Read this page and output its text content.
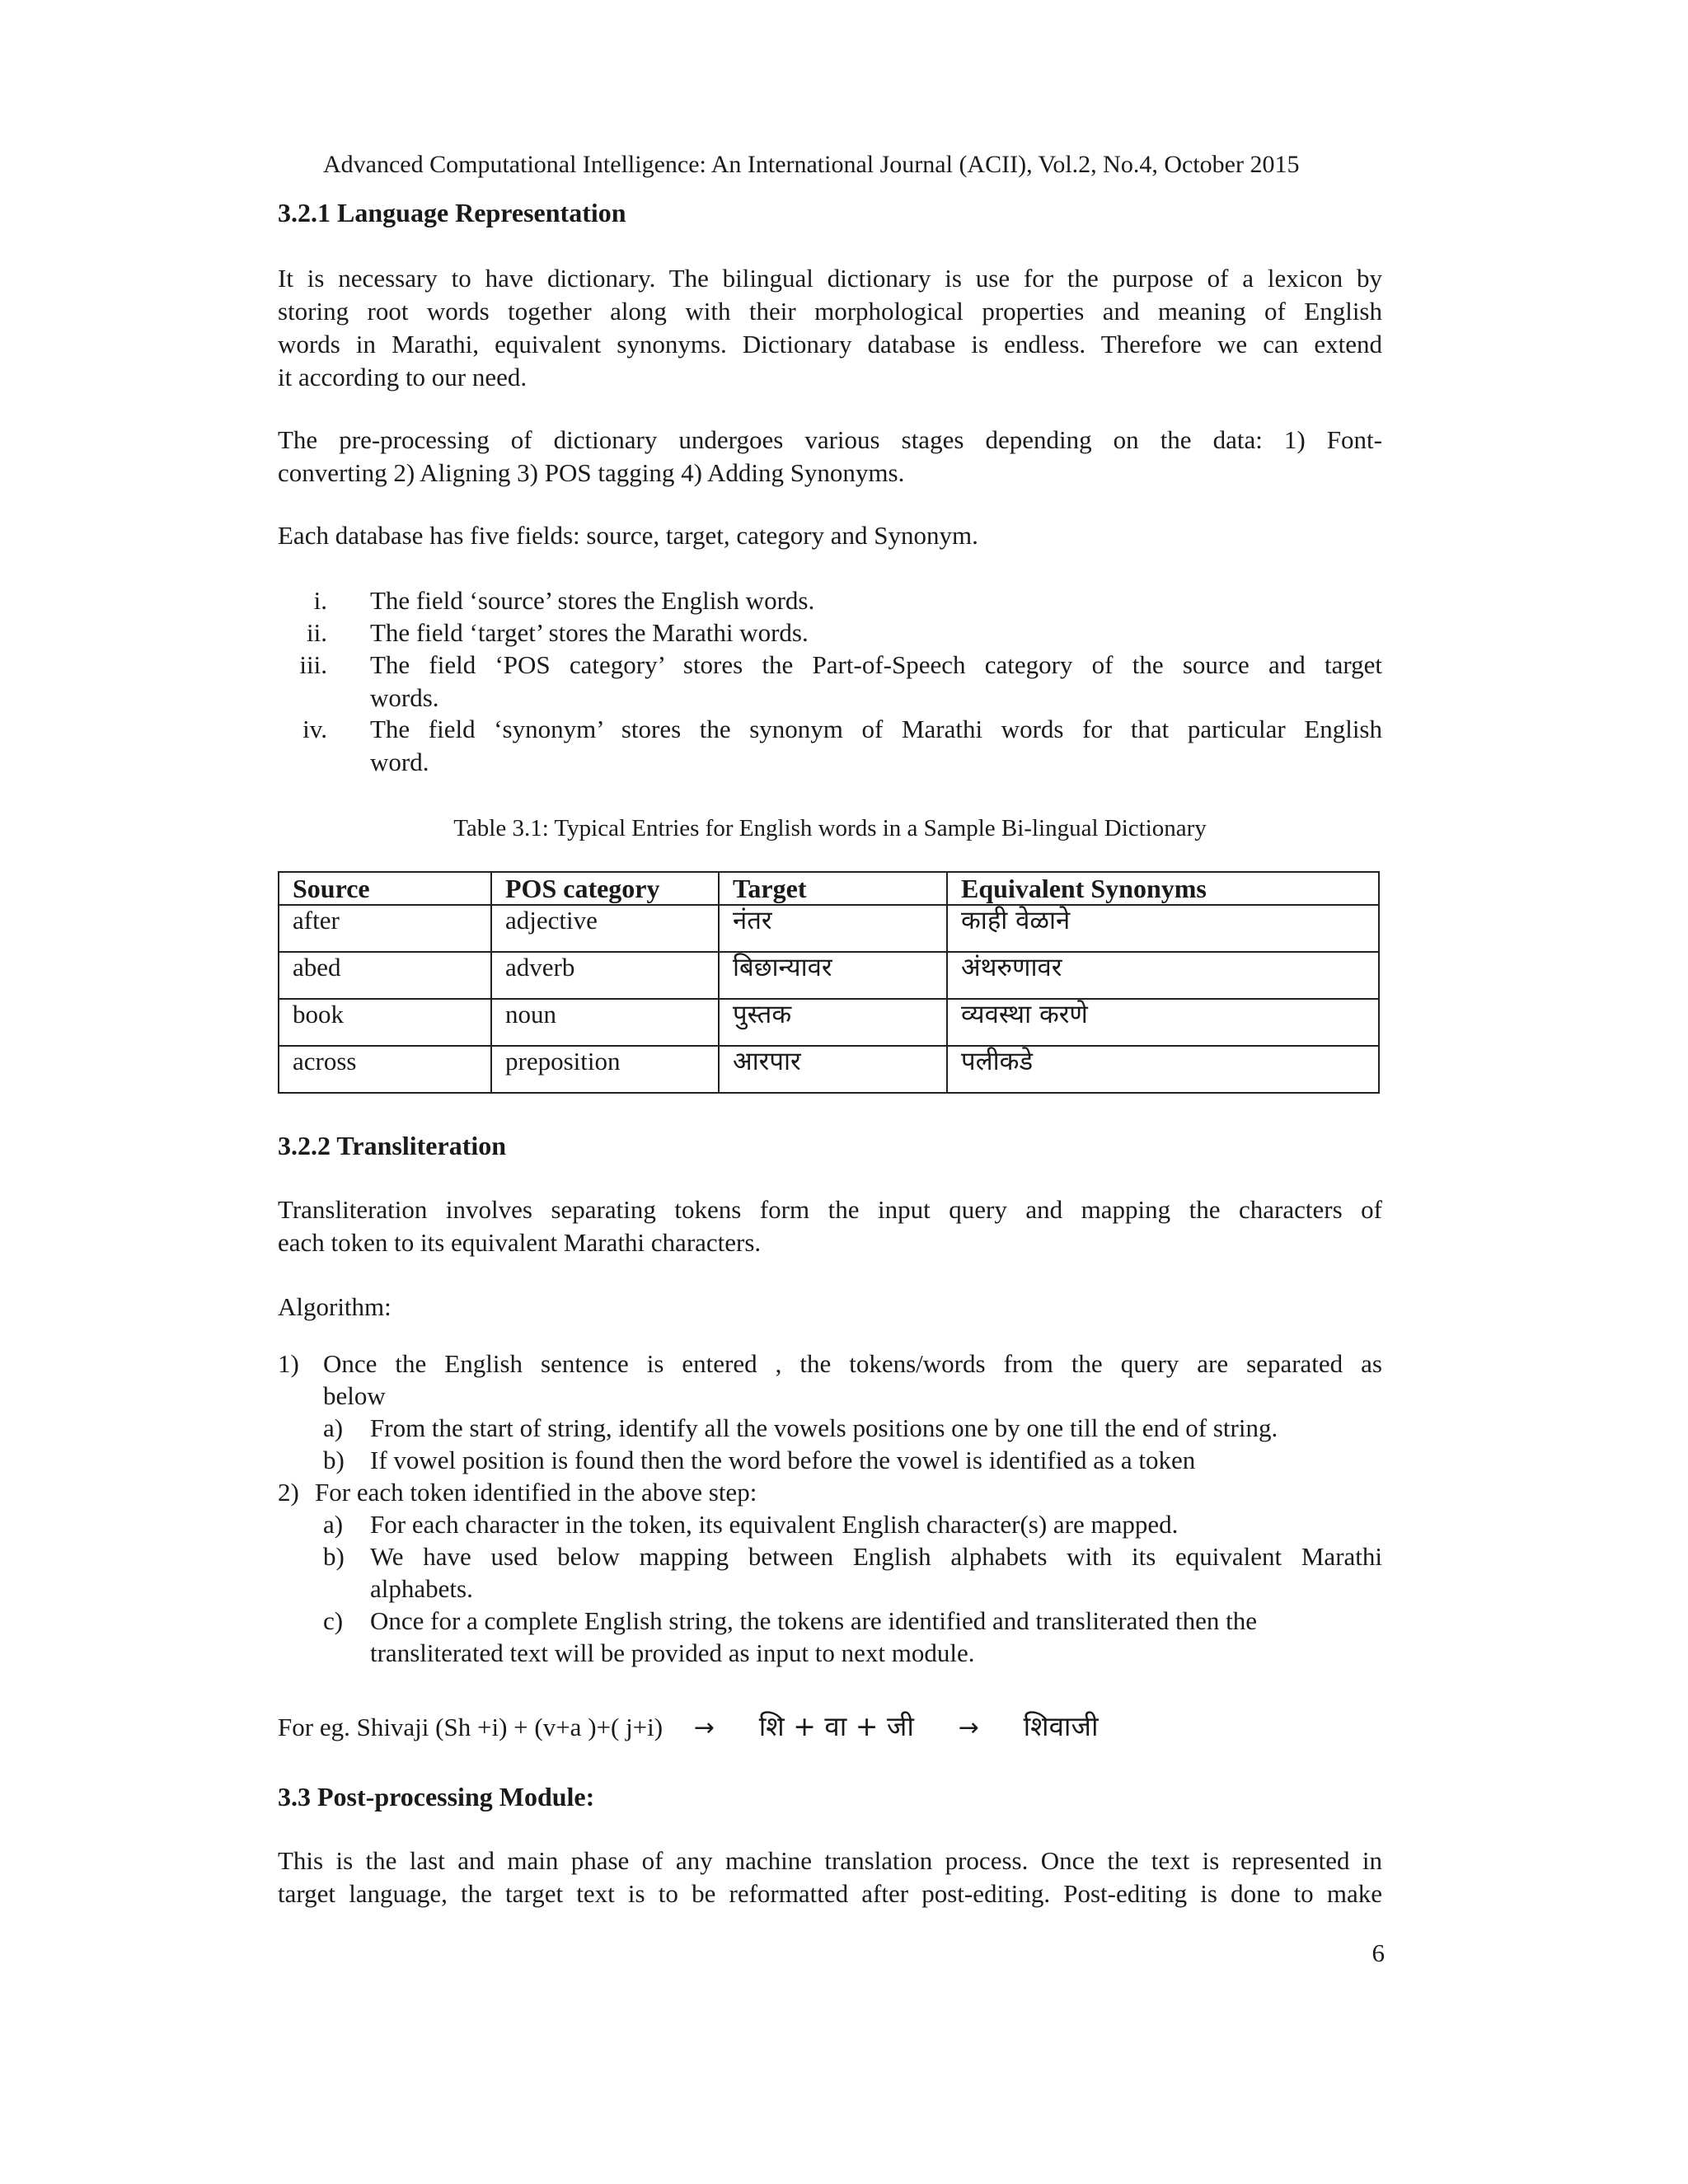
Advanced Computational Intelligence: An International Journal (ACII), Vol.2, No.4, October 2015
3.2.1 Language Representation
It is necessary to have dictionary. The bilingual dictionary is use for the purpose of a lexicon by
storing root words together along with their morphological properties and meaning of English
words in Marathi, equivalent synonyms. Dictionary database is endless. Therefore we can extend
it according to our need.
The pre-processing of dictionary undergoes various stages depending on the data: 1) Font-
converting 2) Aligning 3) POS tagging 4) Adding Synonyms.
Each database has five fields: source, target, category and Synonym.
i. The field ‘source’ stores the English words.
ii. The field ‘target’ stores the Marathi words.
iii. The field ‘POS category’ stores the Part-of-Speech category of the source and target
words.
iv. The field ‘synonym’ stores the synonym of Marathi words for that particular English
word.
Table 3.1: Typical Entries for English words in a Sample Bi-lingual Dictionary
Source	POS category	Target	Equivalent Synonyms
after	adjective	नंतर	काही वेळाने
abed	adverb	बिछान्यावर	अंथरुणावर
book	noun	पुस्तक	व्यवस्था करणे
across	preposition	आरपार	पलीकडे
3.2.2 Transliteration
Transliteration involves separating tokens form the input query and mapping the characters of
each token to its equivalent Marathi characters.
Algorithm:
1) Once the English sentence is entered , the tokens/words from the query are separated as
below
a) From the start of string, identify all the vowels positions one by one till the end of string.
b) If vowel position is found then the word before the vowel is identified as a token
2) For each token identified in the above step:
a) For each character in the token, its equivalent English character(s) are mapped.
b) We have used below mapping between English alphabets with its equivalent Marathi
alphabets.
c) Once for a complete English string, the tokens are identified and transliterated then the
transliterated text will be provided as input to next module.
For eg. Shivaji (Sh +i) + (v+a )+( j+i) → शि + वा + जी → शिवाजी
3.3 Post-processing Module:
This is the last and main phase of any machine translation process. Once the text is represented in
target language, the target text is to be reformatted after post-editing. Post-editing is done to make
6
